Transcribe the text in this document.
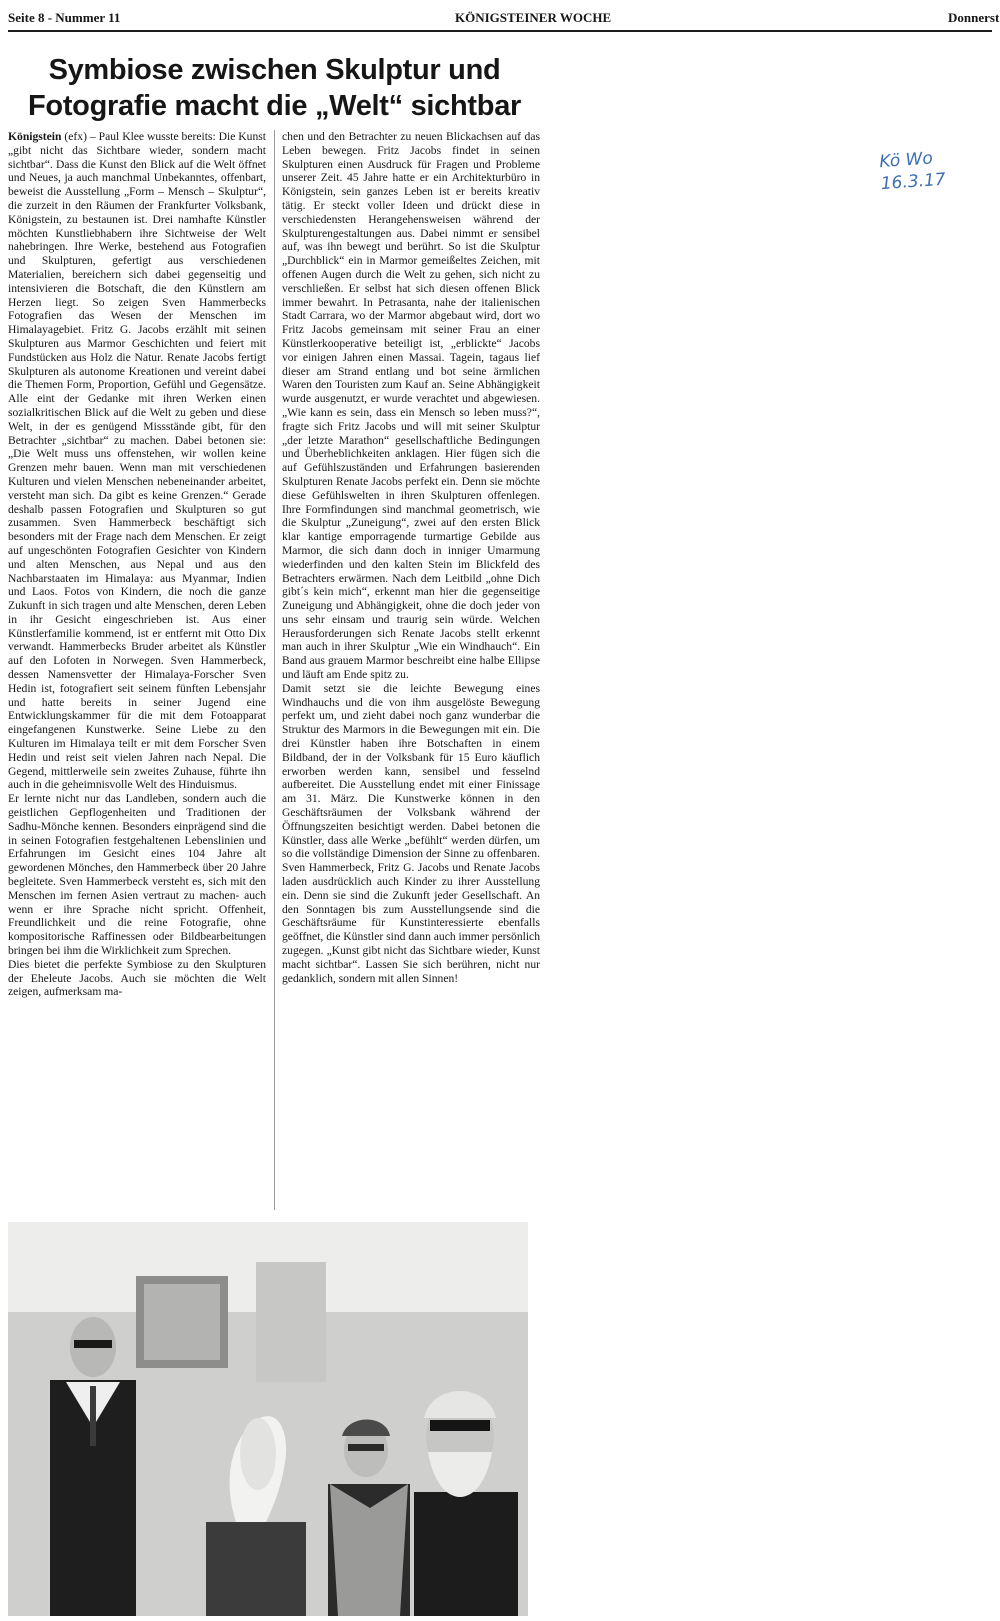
Seite 8 - Nummer 11	KÖNIGSTEINER WOCHE	Donnerst
Symbiose zwischen Skulptur und
Fotografie macht die „Welt“ sichtbar

Königstein (efx) – Paul Klee wusste bereits: Die Kunst „gibt nicht das Sichtbare wieder, sondern macht sichtbar“. Dass die Kunst den Blick auf die Welt öffnet und Neues, ja auch manchmal Unbekanntes, offenbart, beweist die Ausstellung „Form – Mensch – Skulptur“, die zurzeit in den Räumen der Frankfurter Volksbank, Königstein, zu bestaunen ist. Drei namhafte Künstler möchten Kunstliebhabern ihre Sichtweise der Welt nahebringen. Ihre Werke, bestehend aus Fotografien und Skulpturen, gefertigt aus verschiedenen Materialien, bereichern sich dabei gegenseitig und intensivieren die Botschaft, die den Künstlern am Herzen liegt. So zeigen Sven Hammerbecks Fotografien das Wesen der Menschen im Himalayagebiet. Fritz G. Jacobs erzählt mit seinen Skulpturen aus Marmor Geschichten und feiert mit Fundstücken aus Holz die Natur. Renate Jacobs fertigt Skulpturen als autonome Kreationen und vereint dabei die Themen Form, Proportion, Gefühl und Gegensätze. Alle eint der Gedanke mit ihren Werken einen sozialkritischen Blick auf die Welt zu geben und diese Welt, in der es genügend Missstände gibt, für den Betrachter „sichtbar“ zu machen. Dabei betonen sie: „Die Welt muss uns offenstehen, wir wollen keine Grenzen mehr bauen. Wenn man mit verschiedenen Kulturen und vielen Menschen nebeneinander arbeitet, versteht man sich. Da gibt es keine Grenzen.“ Gerade deshalb passen Fotografien und Skulpturen so gut zusammen. Sven Hammerbeck beschäftigt sich besonders mit der Frage nach dem Menschen. Er zeigt auf ungeschönten Fotografien Gesichter von Kindern und alten Menschen, aus Nepal und aus den Nachbarstaaten im Himalaya: aus Myanmar, Indien und Laos. Fotos von Kindern, die noch die ganze Zukunft in sich tragen und alte Menschen, deren Leben in ihr Gesicht eingeschrieben ist. Aus einer Künstlerfamilie kommend, ist er entfernt mit Otto Dix verwandt. Hammerbecks Bruder arbeitet als Künstler auf den Lofoten in Norwegen. Sven Hammerbeck, dessen Namensvetter der Himalaya-Forscher Sven Hedin ist, fotografiert seit seinem fünften Lebensjahr und hatte bereits in seiner Jugend eine Entwicklungskammer für die mit dem Fotoapparat eingefangenen Kunstwerke. Seine Liebe zu den Kulturen im Himalaya teilt er mit dem Forscher Sven Hedin und reist seit vielen Jahren nach Nepal. Die Gegend, mittlerweile sein zweites Zuhause, führte ihn auch in die geheimnisvolle Welt des Hinduismus.

Er lernte nicht nur das Landleben, sondern auch die geistlichen Gepflogenheiten und Traditionen der Sadhu-Mönche kennen. Besonders einprägend sind die in seinen Fotografien festgehaltenen Lebenslinien und Erfahrungen im Gesicht eines 104 Jahre alt gewordenen Mönches, den Hammerbeck über 20 Jahre begleitete. Sven Hammerbeck versteht es, sich mit den Menschen im fernen Asien vertraut zu machen- auch wenn er ihre Sprache nicht spricht. Offenheit, Freundlichkeit und die reine Fotografie, ohne kompositorische Raffinessen oder Bildbearbeitungen bringen bei ihm die Wirklichkeit zum Sprechen.

Dies bietet die perfekte Symbiose zu den Skulpturen der Eheleute Jacobs. Auch sie möchten die Welt zeigen, aufmerksam ma-

chen und den Betrachter zu neuen Blickachsen auf das Leben bewegen. Fritz Jacobs findet in seinen Skulpturen einen Ausdruck für Fragen und Probleme unserer Zeit. 45 Jahre hatte er ein Architekturbüro in Königstein, sein ganzes Leben ist er bereits kreativ tätig. Er steckt voller Ideen und drückt diese in verschiedensten Herangehensweisen während der Skulpturengestaltungen aus. Dabei nimmt er sensibel auf, was ihn bewegt und berührt. So ist die Skulptur „Durchblick“ ein in Marmor gemeißeltes Zeichen, mit offenen Augen durch die Welt zu gehen, sich nicht zu verschließen. Er selbst hat sich diesen offenen Blick immer bewahrt. In Petrasanta, nahe der italienischen Stadt Carrara, wo der Marmor abgebaut wird, dort wo Fritz Jacobs gemeinsam mit seiner Frau an einer Künstlerkooperative beteiligt ist, „erblickte“ Jacobs vor einigen Jahren einen Massai. Tagein, tagaus lief dieser am Strand entlang und bot seine ärmlichen Waren den Touristen zum Kauf an. Seine Abhängigkeit wurde ausgenutzt, er wurde verachtet und abgewiesen. „Wie kann es sein, dass ein Mensch so leben muss?“, fragte sich Fritz Jacobs und will mit seiner Skulptur „der letzte Marathon“ gesellschaftliche Bedingungen und Überheblichkeiten anklagen. Hier fügen sich die auf Gefühlszuständen und Erfahrungen basierenden Skulpturen Renate Jacobs perfekt ein. Denn sie möchte diese Gefühlswelten in ihren Skulpturen offenlegen. Ihre Formfindungen sind manchmal geometrisch, wie die Skulptur „Zuneigung“, zwei auf den ersten Blick klar kantige emporragende turmartige Gebilde aus Marmor, die sich dann doch in inniger Umarmung wiederfinden und den kalten Stein im Blickfeld des Betrachters erwärmen. Nach dem Leitbild „ohne Dich gibt´s kein mich“, erkennt man hier die gegenseitige Zuneigung und Abhängigkeit, ohne die doch jeder von uns sehr einsam und traurig sein würde. Welchen Herausforderungen sich Renate Jacobs stellt erkennt man auch in ihrer Skulptur „Wie ein Windhauch“. Ein Band aus grauem Marmor beschreibt eine halbe Ellipse und läuft am Ende spitz zu.

Damit setzt sie die leichte Bewegung eines Windhauchs und die von ihm ausgelöste Bewegung perfekt um, und zieht dabei noch ganz wunderbar die Struktur des Marmors in die Bewegungen mit ein. Die drei Künstler haben ihre Botschaften in einem Bildband, der in der Volksbank für 15 Euro käuflich erworben werden kann, sensibel und fesselnd aufbereitet. Die Ausstellung endet mit einer Finissage am 31. März. Die Kunstwerke können in den Geschäftsräumen der Volksbank während der Öffnungszeiten besichtigt werden. Dabei betonen die Künstler, dass alle Werke „befühlt“ werden dürfen, um so die vollständige Dimension der Sinne zu offenbaren. Sven Hammerbeck, Fritz G. Jacobs und Renate Jacobs laden ausdrücklich auch Kinder zu ihrer Ausstellung ein. Denn sie sind die Zukunft jeder Gesellschaft. An den Sonntagen bis zum Ausstellungsende sind die Geschäftsräume für Kunstinteressierte ebenfalls geöffnet, die Künstler sind dann auch immer persönlich zugegen. „Kunst gibt nicht das Sichtbare wieder, Kunst macht sichtbar“. Lassen Sie sich berühren, nicht nur gedanklich, sondern mit allen Sinnen!

Kö Wo
16.3.17
